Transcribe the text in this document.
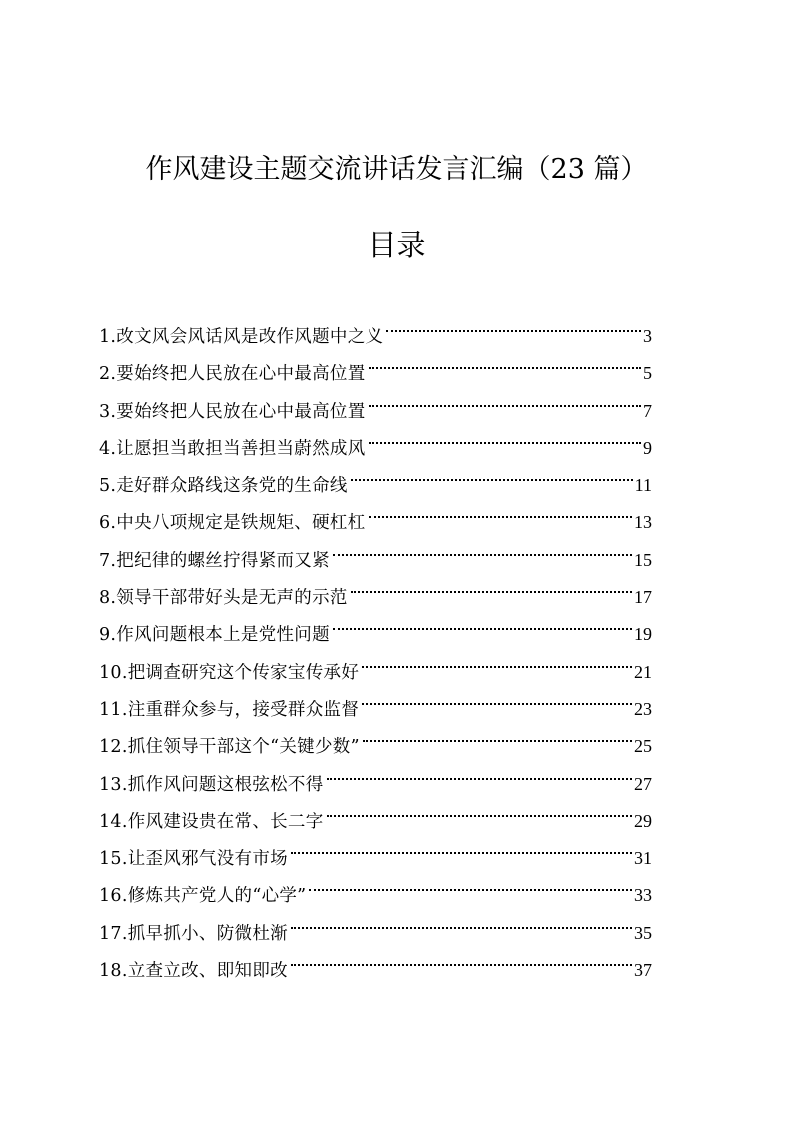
作风建设主题交流讲话发言汇编（23 篇）
目录
1.改文风会风话风是改作风题中之义	3
2.要始终把人民放在心中最高位置	5
3.要始终把人民放在心中最高位置	7
4.让愿担当敢担当善担当蔚然成风	9
5.走好群众路线这条党的生命线	11
6.中央八项规定是铁规矩、硬杠杠	13
7.把纪律的螺丝拧得紧而又紧	15
8.领导干部带好头是无声的示范	17
9.作风问题根本上是党性问题	19
10.把调查研究这个传家宝传承好	21
11.注重群众参与，接受群众监督	23
12.抓住领导干部这个“关键少数”	25
13.抓作风问题这根弦松不得	27
14.作风建设贵在常、长二字	29
15.让歪风邪气没有市场	31
16.修炼共产党人的“心学”	33
17.抓早抓小、防微杜渐	35
18.立查立改、即知即改	37
